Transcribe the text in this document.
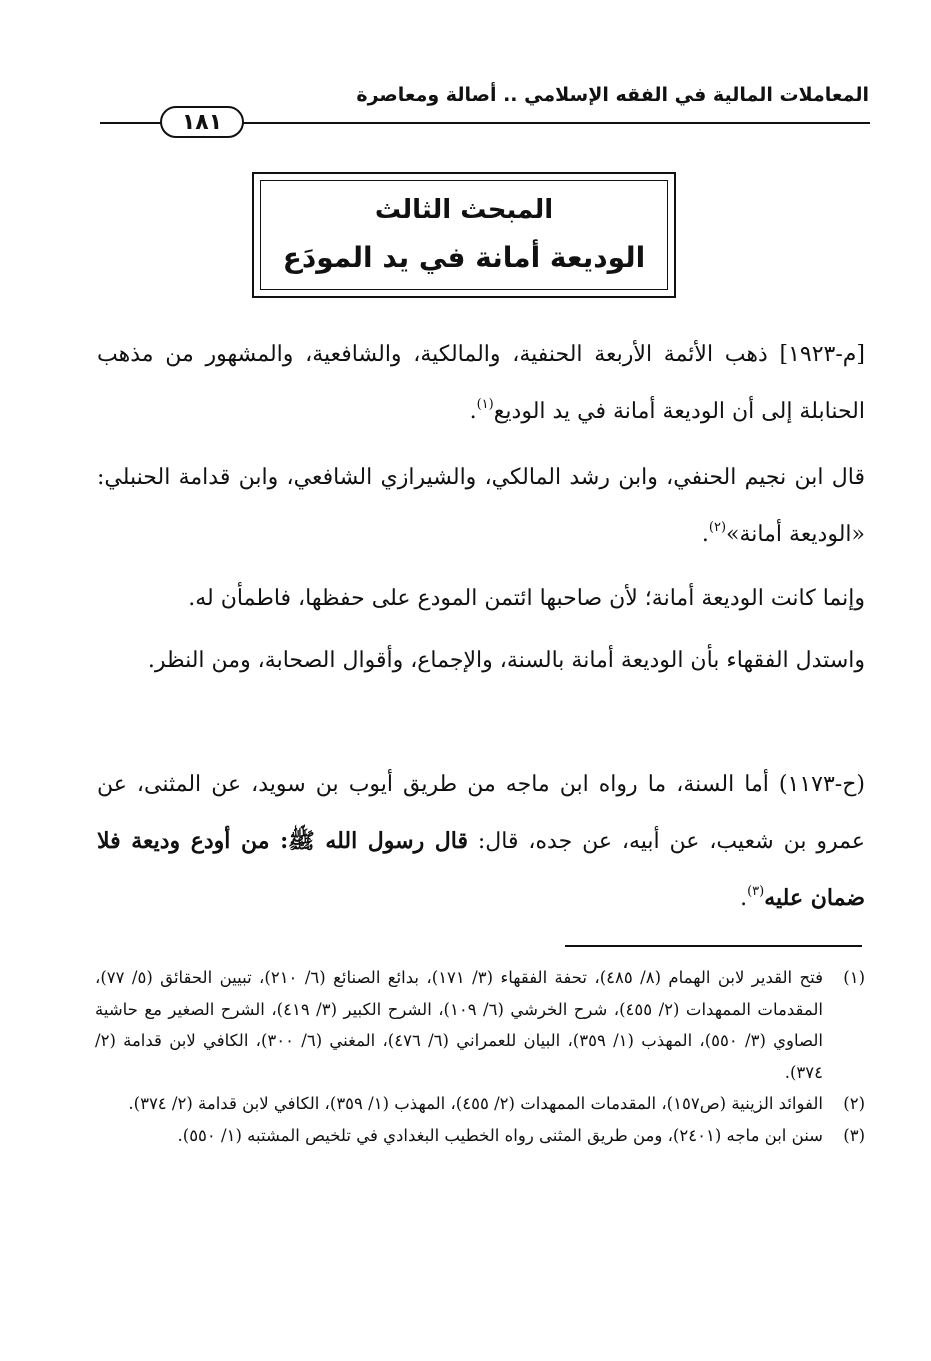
المعاملات المالية في الفقه الإسلامي .. أصالة ومعاصرة
١٨١
المبحث الثالث
الوديعة أمانة في يد المودَع
[م-١٩٢٣] ذهب الأئمة الأربعة الحنفية، والمالكية، والشافعية، والمشهور من مذهب الحنابلة إلى أن الوديعة أمانة في يد الوديع$^{(١)}$.
قال ابن نجيم الحنفي، وابن رشد المالكي، والشيرازي الشافعي، وابن قدامة الحنبلي: «الوديعة أمانة»$^{(٢)}$.
وإنما كانت الوديعة أمانة؛ لأن صاحبها ائتمن المودع على حفظها، فاطمأن له.
واستدل الفقهاء بأن الوديعة أمانة بالسنة، والإجماع، وأقوال الصحابة، ومن النظر.
(ح-١١٧٣) أما السنة، ما رواه ابن ماجه من طريق أيوب بن سويد، عن المثنى، عن عمرو بن شعيب، عن أبيه، عن جده، قال: قال رسول الله ﷺ: من أودع وديعة فلا ضمان عليه$^{(٣)}$.
(١)
فتح القدير لابن الهمام (٨/ ٤٨٥)، تحفة الفقهاء (٣/ ١٧١)، بدائع الصنائع (٦/ ٢١٠)، تبيين الحقائق (٥/ ٧٧)، المقدمات الممهدات (٢/ ٤٥٥)، شرح الخرشي (٦/ ١٠٩)، الشرح الكبير (٣/ ٤١٩)، الشرح الصغير مع حاشية الصاوي (٣/ ٥٥٠)، المهذب (١/ ٣٥٩)، البيان للعمراني (٦/ ٤٧٦)، المغني (٦/ ٣٠٠)، الكافي لابن قدامة (٢/ ٣٧٤).
(٢)
الفوائد الزينية (ص١٥٧)، المقدمات الممهدات (٢/ ٤٥٥)، المهذب (١/ ٣٥٩)، الكافي لابن قدامة (٢/ ٣٧٤).
(٣)
سنن ابن ماجه (٢٤٠١)، ومن طريق المثنى رواه الخطيب البغدادي في تلخيص المشتبه (١/ ٥٥٠).
